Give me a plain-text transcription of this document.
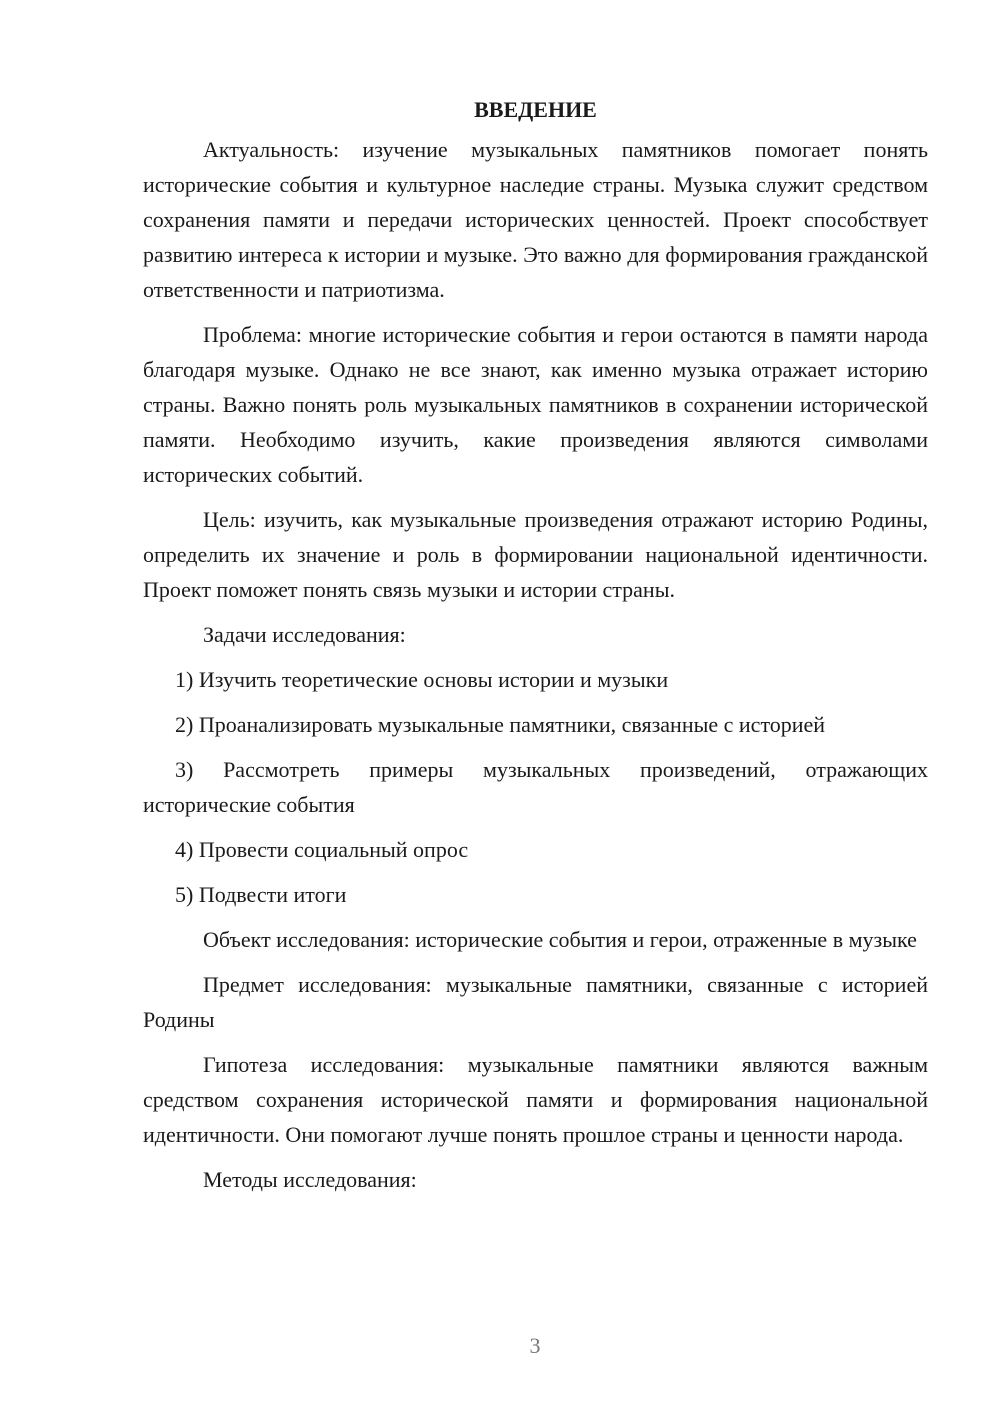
ВВЕДЕНИЕ

Актуальность: изучение музыкальных памятников помогает понять исторические события и культурное наследие страны. Музыка служит средством сохранения памяти и передачи исторических ценностей. Проект способствует развитию интереса к истории и музыке. Это важно для формирования гражданской ответственности и патриотизма.

Проблема: многие исторические события и герои остаются в памяти народа благодаря музыке. Однако не все знают, как именно музыка отражает историю страны. Важно понять роль музыкальных памятников в сохранении исторической памяти. Необходимо изучить, какие произведения являются символами исторических событий.

Цель: изучить, как музыкальные произведения отражают историю Родины, определить их значение и роль в формировании национальной идентичности. Проект поможет понять связь музыки и истории страны.

Задачи исследования:

1) Изучить теоретические основы истории и музыки

2) Проанализировать музыкальные памятники, связанные с историей

3) Рассмотреть примеры музыкальных произведений, отражающих исторические события

4) Провести социальный опрос

5) Подвести итоги

Объект исследования: исторические события и герои, отраженные в музыке

Предмет исследования: музыкальные памятники, связанные с историей Родины

Гипотеза исследования: музыкальные памятники являются важным средством сохранения исторической памяти и формирования национальной идентичности. Они помогают лучше понять прошлое страны и ценности народа.

Методы исследования:

3
